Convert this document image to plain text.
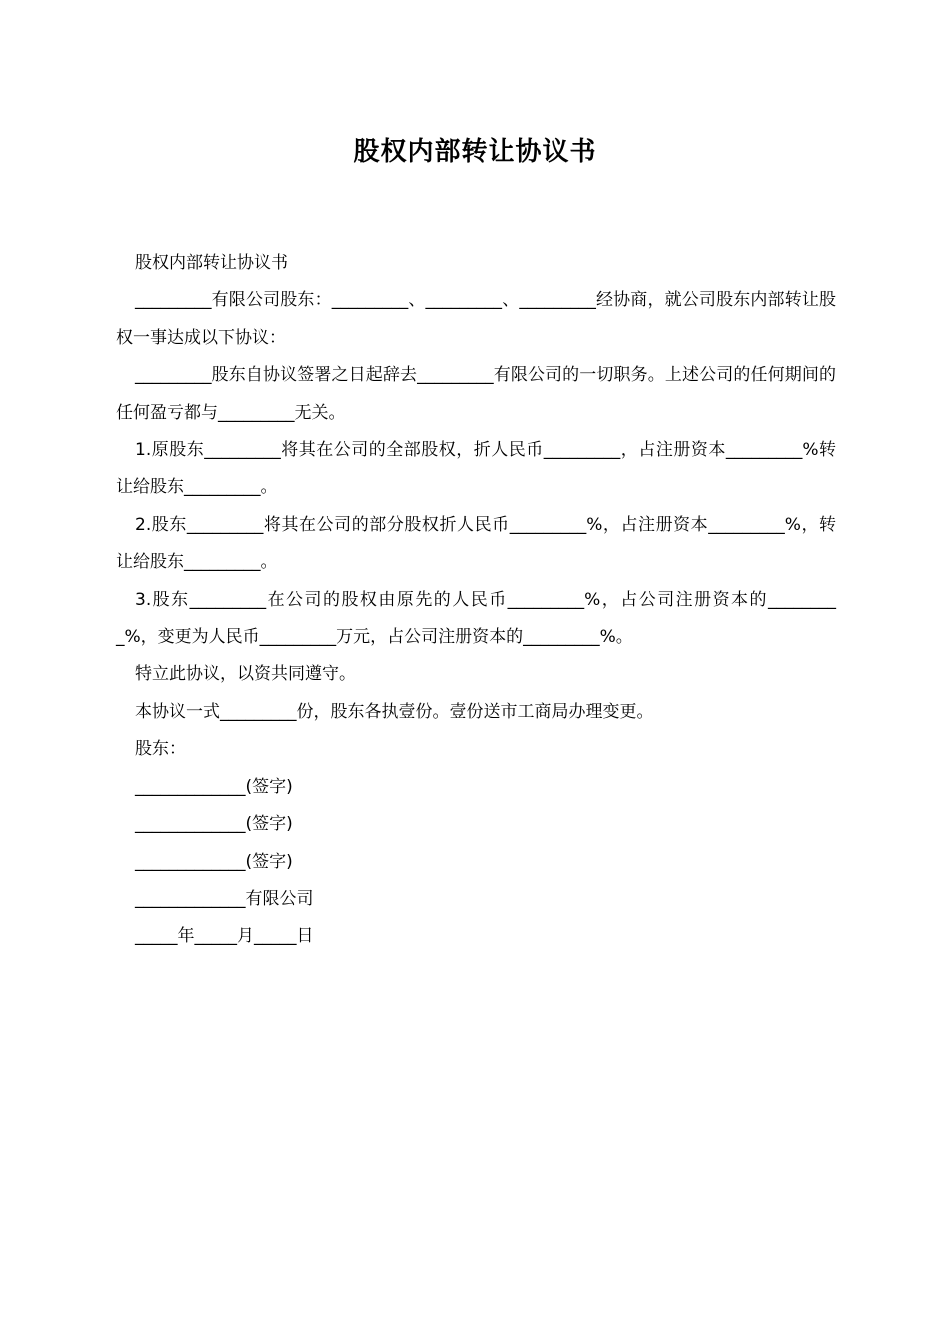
股权内部转让协议书

股权内部转让协议书

_________有限公司股东：_________、_________、_________经协商，就公司股东内部转让股权一事达成以下协议：

_________股东自协议签署之日起辞去_________有限公司的一切职务。上述公司的任何期间的任何盈亏都与_________无关。

1.原股东_________将其在公司的全部股权，折人民币_________，占注册资本_________%转让给股东_________。

2.股东_________将其在公司的部分股权折人民币_________%，占注册资本_________%，转让给股东_________。

3.股东_________在公司的股权由原先的人民币_________%，占公司注册资本的_________%，变更为人民币_________万元，占公司注册资本的_________%。

特立此协议，以资共同遵守。

本协议一式_________份，股东各执壹份。壹份送市工商局办理变更。

股东：

_____________(签字)

_____________(签字)

_____________(签字)

_____________有限公司

_____年_____月_____日
